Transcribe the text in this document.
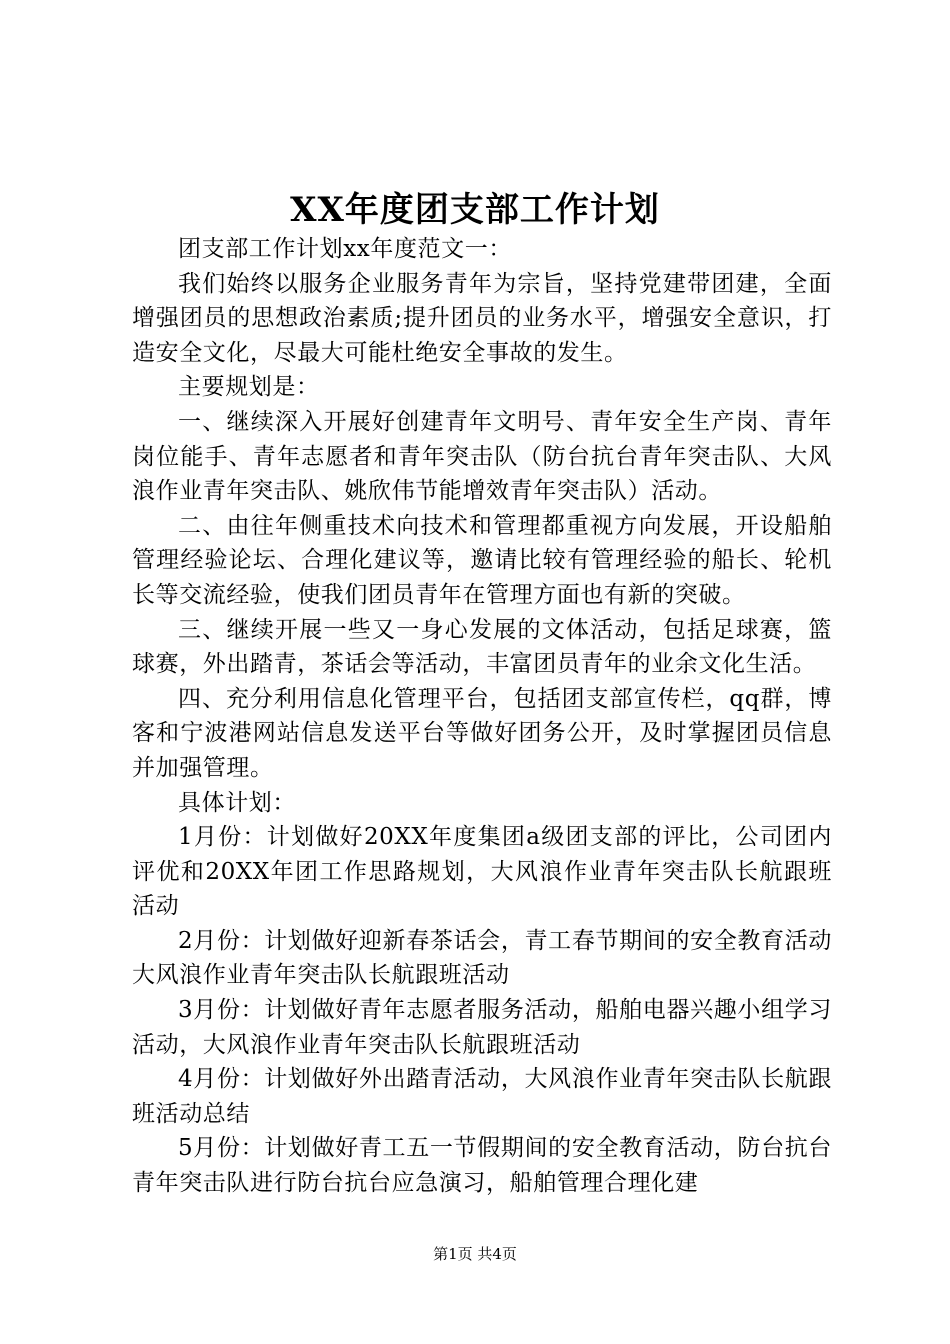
XX年度团支部工作计划

团支部工作计划xx年度范文一：

我们始终以服务企业服务青年为宗旨，坚持党建带团建，全面增强团员的思想政治素质;提升团员的业务水平，增强安全意识，打造安全文化，尽最大可能杜绝安全事故的发生。

主要规划是：

一、继续深入开展好创建青年文明号、青年安全生产岗、青年岗位能手、青年志愿者和青年突击队（防台抗台青年突击队、大风浪作业青年突击队、姚欣伟节能增效青年突击队）活动。

二、由往年侧重技术向技术和管理都重视方向发展，开设船舶管理经验论坛、合理化建议等，邀请比较有管理经验的船长、轮机长等交流经验，使我们团员青年在管理方面也有新的突破。

三、继续开展一些又一身心发展的文体活动，包括足球赛，篮球赛，外出踏青，茶话会等活动，丰富团员青年的业余文化生活。

四、充分利用信息化管理平台，包括团支部宣传栏，qq群，博客和宁波港网站信息发送平台等做好团务公开，及时掌握团员信息并加强管理。

具体计划：

1月份：计划做好20XX年度集团a级团支部的评比，公司团内评优和20XX年团工作思路规划，大风浪作业青年突击队长航跟班活动

2月份：计划做好迎新春茶话会，青工春节期间的安全教育活动大风浪作业青年突击队长航跟班活动

3月份：计划做好青年志愿者服务活动，船舶电器兴趣小组学习活动，大风浪作业青年突击队长航跟班活动

4月份：计划做好外出踏青活动，大风浪作业青年突击队长航跟班活动总结

5月份：计划做好青工五一节假期间的安全教育活动，防台抗台青年突击队进行防台抗台应急演习，船舶管理合理化建

第1页 共4页
